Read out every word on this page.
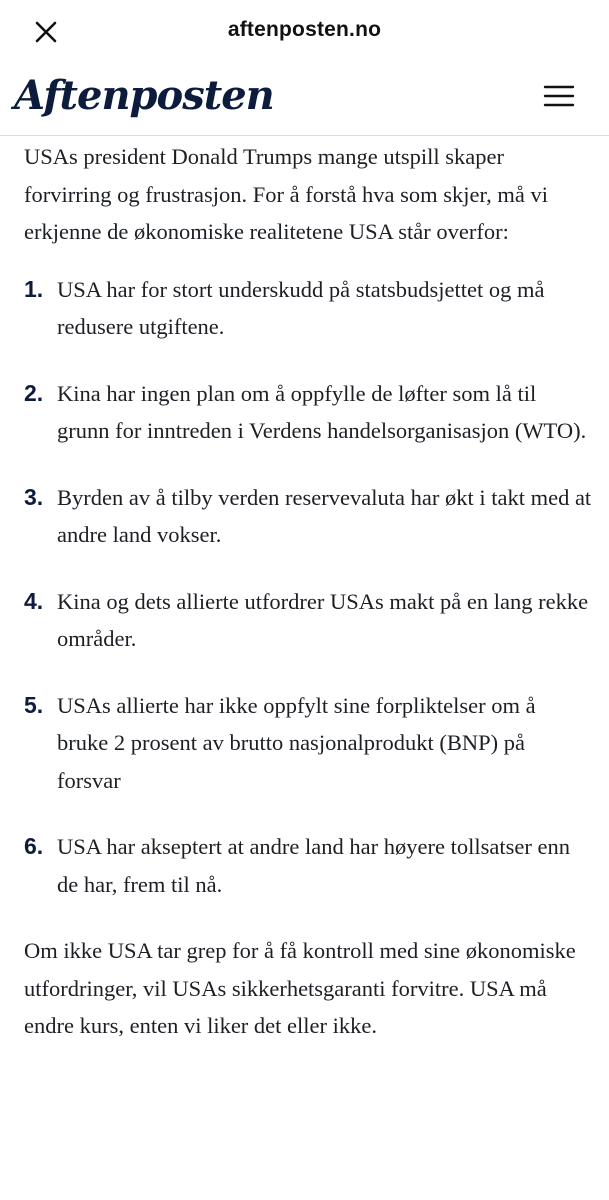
aftenposten.no
Aftenposten

USAs president Donald Trumps mange utspill skaper forvirring og frustrasjon. For å forstå hva som skjer, må vi erkjenne de økonomiske realitetene USA står overfor:

1. USA har for stort underskudd på statsbudsjettet og må redusere utgiftene.
2. Kina har ingen plan om å oppfylle de løfter som lå til grunn for inntreden i Verdens handelsorganisasjon (WTO).
3. Byrden av å tilby verden reservevaluta har økt i takt med at andre land vokser.
4. Kina og dets allierte utfordrer USAs makt på en lang rekke områder.
5. USAs allierte har ikke oppfylt sine forpliktelser om å bruke 2 prosent av brutto nasjonalprodukt (BNP) på forsvar
6. USA har akseptert at andre land har høyere tollsatser enn de har, frem til nå.

Om ikke USA tar grep for å få kontroll med sine økonomiske utfordringer, vil USAs sikkerhetsgaranti forvitre. USA må endre kurs, enten vi liker det eller ikke.
